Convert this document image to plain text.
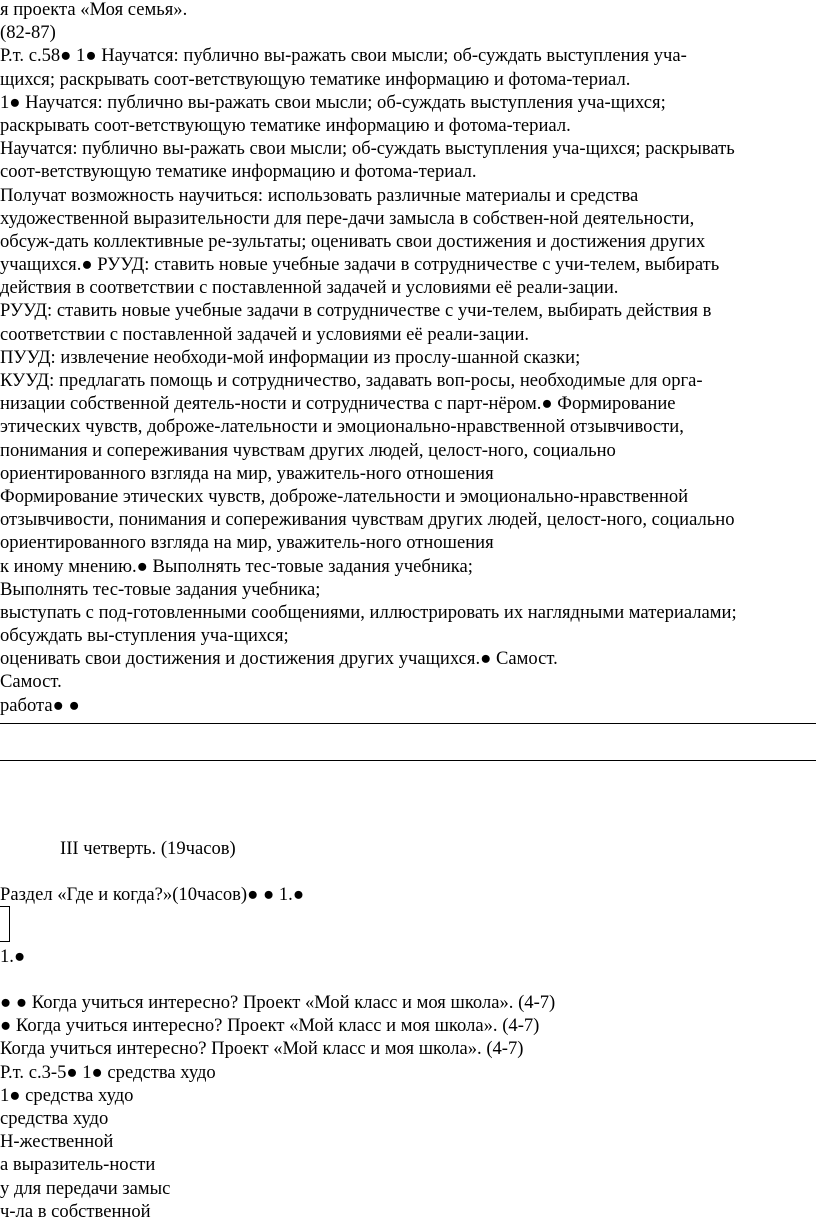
я проекта «Моя семья».
(82-87)
Р.т. с.58● 1● Научатся: публично вы-ражать свои мысли; об-суждать выступления уча-
щихся; раскрывать соот-ветствующую тематике информацию и фотома-териал.
1● Научатся: публично вы-ражать свои мысли; об-суждать выступления уча-щихся;
раскрывать соот-ветствующую тематике информацию и фотома-териал.
Научатся: публично вы-ражать свои мысли; об-суждать выступления уча-щихся; раскрывать
соот-ветствующую тематике информацию и фотома-териал.
Получат возможность научиться: использовать различные материалы и средства
художественной выразительности для пере-дачи замысла в собствен-ной деятельности,
обсуж-дать коллективные ре-зультаты; оценивать свои достижения и достижения других
учащихся.● РУУД: ставить новые учебные задачи в сотрудничестве с учи-телем, выбирать
действия в соответствии с поставленной задачей и условиями её реали-зации.
РУУД: ставить новые учебные задачи в сотрудничестве с учи-телем, выбирать действия в
соответствии с поставленной задачей и условиями её реали-зации.
ПУУД: извлечение необходи-мой информации из прослу-шанной сказки;
КУУД: предлагать помощь и сотрудничество, задавать воп-росы, необходимые для орга-
низации собственной деятель-ности и сотрудничества с парт-нёром.● Формирование
этических чувств, доброже-лательности и эмоционально-нравственной отзывчивости,
понимания и сопереживания чувствам других людей, целост-ного, социально
ориентированного взгляда на мир, уважитель-ного отношения
Формирование этических чувств, доброже-лательности и эмоционально-нравственной
отзывчивости, понимания и сопереживания чувствам других людей, целост-ного, социально
ориентированного взгляда на мир, уважитель-ного отношения
к иному мнению.● Выполнять тес-товые задания учебника;
Выполнять тес-товые задания учебника;
выступать с под-готовленными сообщениями, иллюстрировать их наглядными материалами;
обсуждать вы-ступления уча-щихся;
оценивать свои достижения и достижения других учащихся.● Самост.
Самост.
работа● ●
III четверть. (19часов)
Раздел «Где и когда?»(10часов)● ● 1.●
1.●
● ● Когда учиться интересно? Проект «Мой класс и моя школа». (4-7)
● Когда учиться интересно? Проект «Мой класс и моя школа». (4-7)
Когда учиться интересно? Проект «Мой класс и моя школа». (4-7)
Р.т. с.3-5● 1● средства худо
1● средства худо
средства худо
Н-жественной
а выразитель-ности
у для передачи замыс
ч-ла в собственной
